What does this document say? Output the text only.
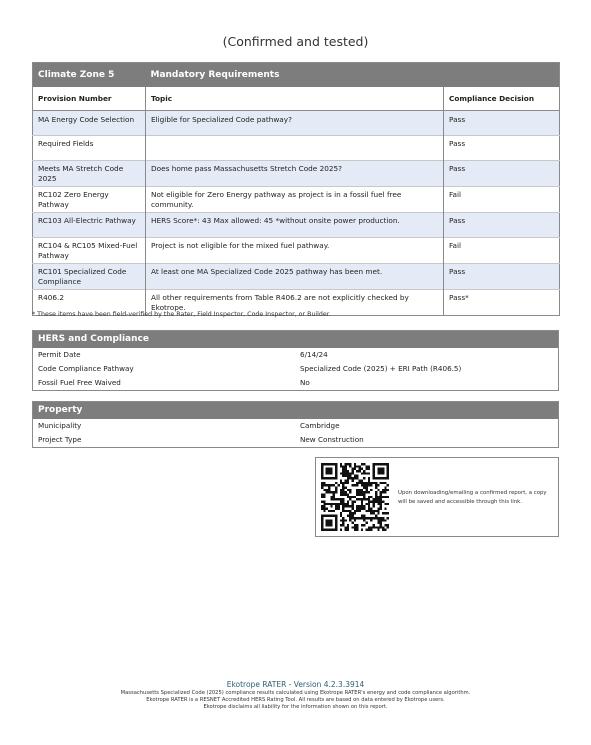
(Confirmed and tested)
Climate Zone 5	Mandatory Requirements	
Provision Number	Topic	Compliance Decision
MA Energy Code Selection	Eligible for Specialized Code pathway?	Pass
Required Fields		Pass
Meets MA Stretch Code 2025	Does home pass Massachusetts Stretch Code 2025?	Pass
RC102 Zero Energy Pathway	Not eligible for Zero Energy pathway as project is in a fossil fuel free community.	Fail
RC103 All-Electric Pathway	HERS Score*: 43 Max allowed: 45 *without onsite power production.	Pass
RC104 & RC105 Mixed-Fuel Pathway	Project is not eligible for the mixed fuel pathway.	Fail
RC101 Specialized Code Compliance	At least one MA Specialized Code 2025 pathway has been met.	Pass
R406.2	All other requirements from Table R406.2 are not explicitly checked by Ekotrope.	Pass*
* These items have been field-verified by the Rater, Field Inspector, Code Inspector, or Builder.
HERS and Compliance
Permit Date	6/14/24
Code Compliance Pathway	Specialized Code (2025) + ERI Path (R406.5)
Fossil Fuel Free Waived	No
Property
Municipality	Cambridge
Project Type	New Construction
Upon downloading/emailing a confirmed report, a copy will be saved and accessible through this link.
Ekotrope RATER - Version 4.2.3.3914
Massachusetts Specialized Code (2025) compliance results calculated using Ekotrope RATER's energy and code compliance algorithm.
Ekotrope RATER is a RESNET Accredited HERS Rating Tool. All results are based on data entered by Ekotrope users.
Ekotrope disclaims all liability for the information shown on this report.
